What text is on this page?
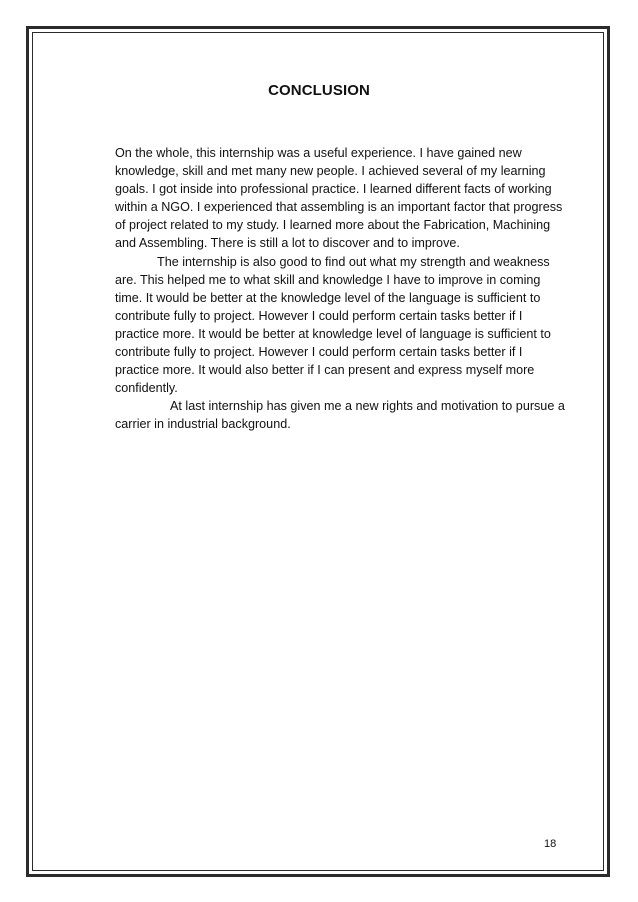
CONCLUSION

On the whole, this internship was a useful experience. I have gained new knowledge, skill and met many new people. I achieved several of my learning goals. I got inside into professional practice. I learned different facts of working within a NGO. I experienced that assembling is an important factor that progress of project related to my study. I learned more about the Fabrication, Machining and Assembling. There is still a lot to discover and to improve.

The internship is also good to find out what my strength and weakness are. This helped me to what skill and knowledge I have to improve in coming time. It would be better at the knowledge level of the language is sufficient to contribute fully to project. However I could perform certain tasks better if I practice more. It would be better at knowledge level of language is sufficient to contribute fully to project. However I could perform certain tasks better if I practice more. It would also better if I can present and express myself more confidently.

At last internship has given me a new rights and motivation to pursue a carrier in industrial background.

18
